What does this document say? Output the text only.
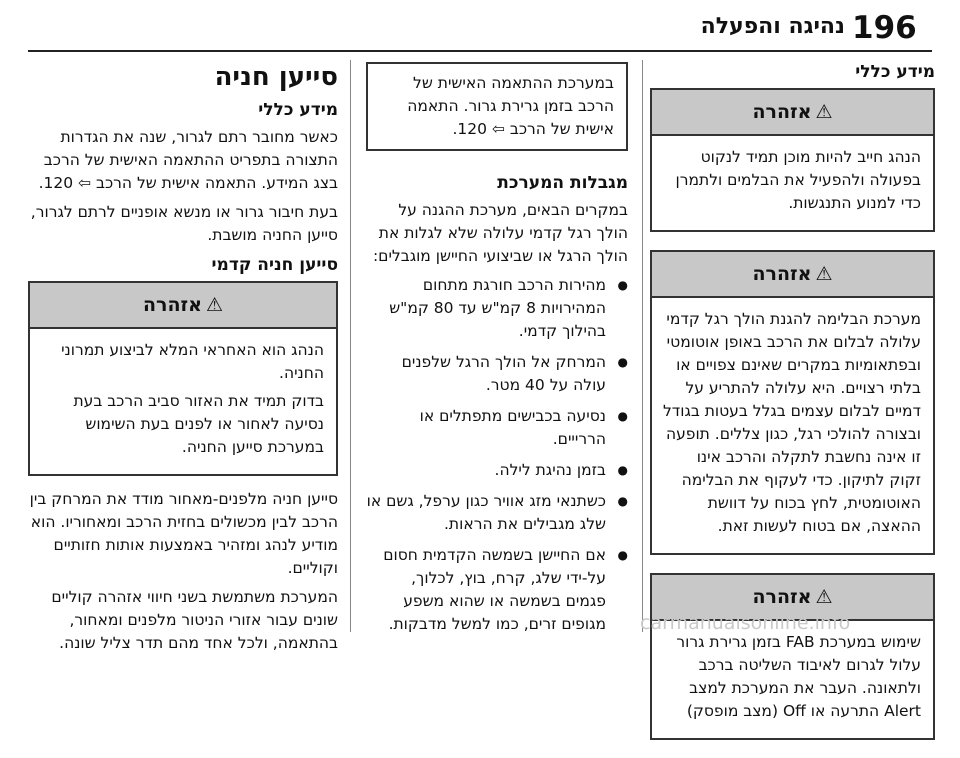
196
נהיגה והפעלה
מידע כללי
⚠
אזהרה

הנהג חייב להיות מוכן תמיד לנקוט בפעולה ולהפעיל את הבלמים ולתמרן כדי למנוע התנגשות.

⚠
אזהרה

מערכת הבלימה להגנת הולך רגל קדמי עלולה לבלום את הרכב באופן אוטומטי ובפתאומיות במקרים שאינם צפויים או בלתי רצויים. היא עלולה להתריע על דמיים לבלום עצמים בגלל בעטות בגודל ובצורה להולכי רגל, כגון צללים. תופעה זו אינה נחשבת לתקלה והרכב אינו זקוק לתיקון. כדי לעקוף את הבלימה האוטומטית, לחץ בכוח על דוושת ההאצה, אם בטוח לעשות זאת.

⚠
אזהרה

שימוש במערכת FAB בזמן גרירת גרור עלול לגרום לאיבוד השליטה ברכב ולתאונה. העבר את המערכת למצב Alert התרעה או Off (מצב מופסק)

במערכת ההתאמה האישית של הרכב בזמן גרירת גרור. התאמה אישית של הרכב ⇦ 120.

מגבלות המערכת

במקרים הבאים, מערכת ההגנה על הולך רגל קדמי עלולה שלא לגלות את הולך הרגל או שביצועי החיישן מוגבלים:

● מהירות הרכב חורגת מתחום המהירויות 8 קמ"ש עד 80 קמ"ש בהילוך קדמי.
● המרחק אל הולך הרגל שלפנים עולה על 40 מטר.
● נסיעה בכבישים מתפתלים או הררייים.
● בזמן נהיגת לילה.
● כשתנאי מזג אוויר כגון ערפל, גשם או שלג מגבילים את הראות.
● אם החיישן בשמשה הקדמית חסום על-ידי שלג, קרח, בוץ, לכלוך, פגמים בשמשה או שהוא משפע מגופים זרים, כמו למשל מדבקות.
סייען חניה
מידע כללי

כאשר מחובר רתם לגרור, שנה את הגדרות התצורה בתפריט ההתאמה האישית של הרכב בצג המידע. התאמה אישית של הרכב ⇦ 120.

בעת חיבור גרור או מנשא אופניים לרתם לגרור, סייען החניה מושבת.

סייען חניה קדמי
⚠
אזהרה

הנהג הוא האחראי המלא לביצוע תמרוני החניה.

בדוק תמיד את האזור סביב הרכב בעת נסיעה לאחור או לפנים בעת השימוש במערכת סייען החניה.

סייען חניה מלפנים-מאחור מודד את המרחק בין הרכב לבין מכשולים בחזית הרכב ומאחוריו. הוא מודיע לנהג ומזהיר באמצעות אותות חזותיים וקוליים.

המערכת משתמשת בשני חיווי אזהרה קוליים שונים עבור אזורי הניטור מלפנים ומאחור, בהתאמה, ולכל אחד מהם תדר צליל שונה.

carmanualsonline.info
